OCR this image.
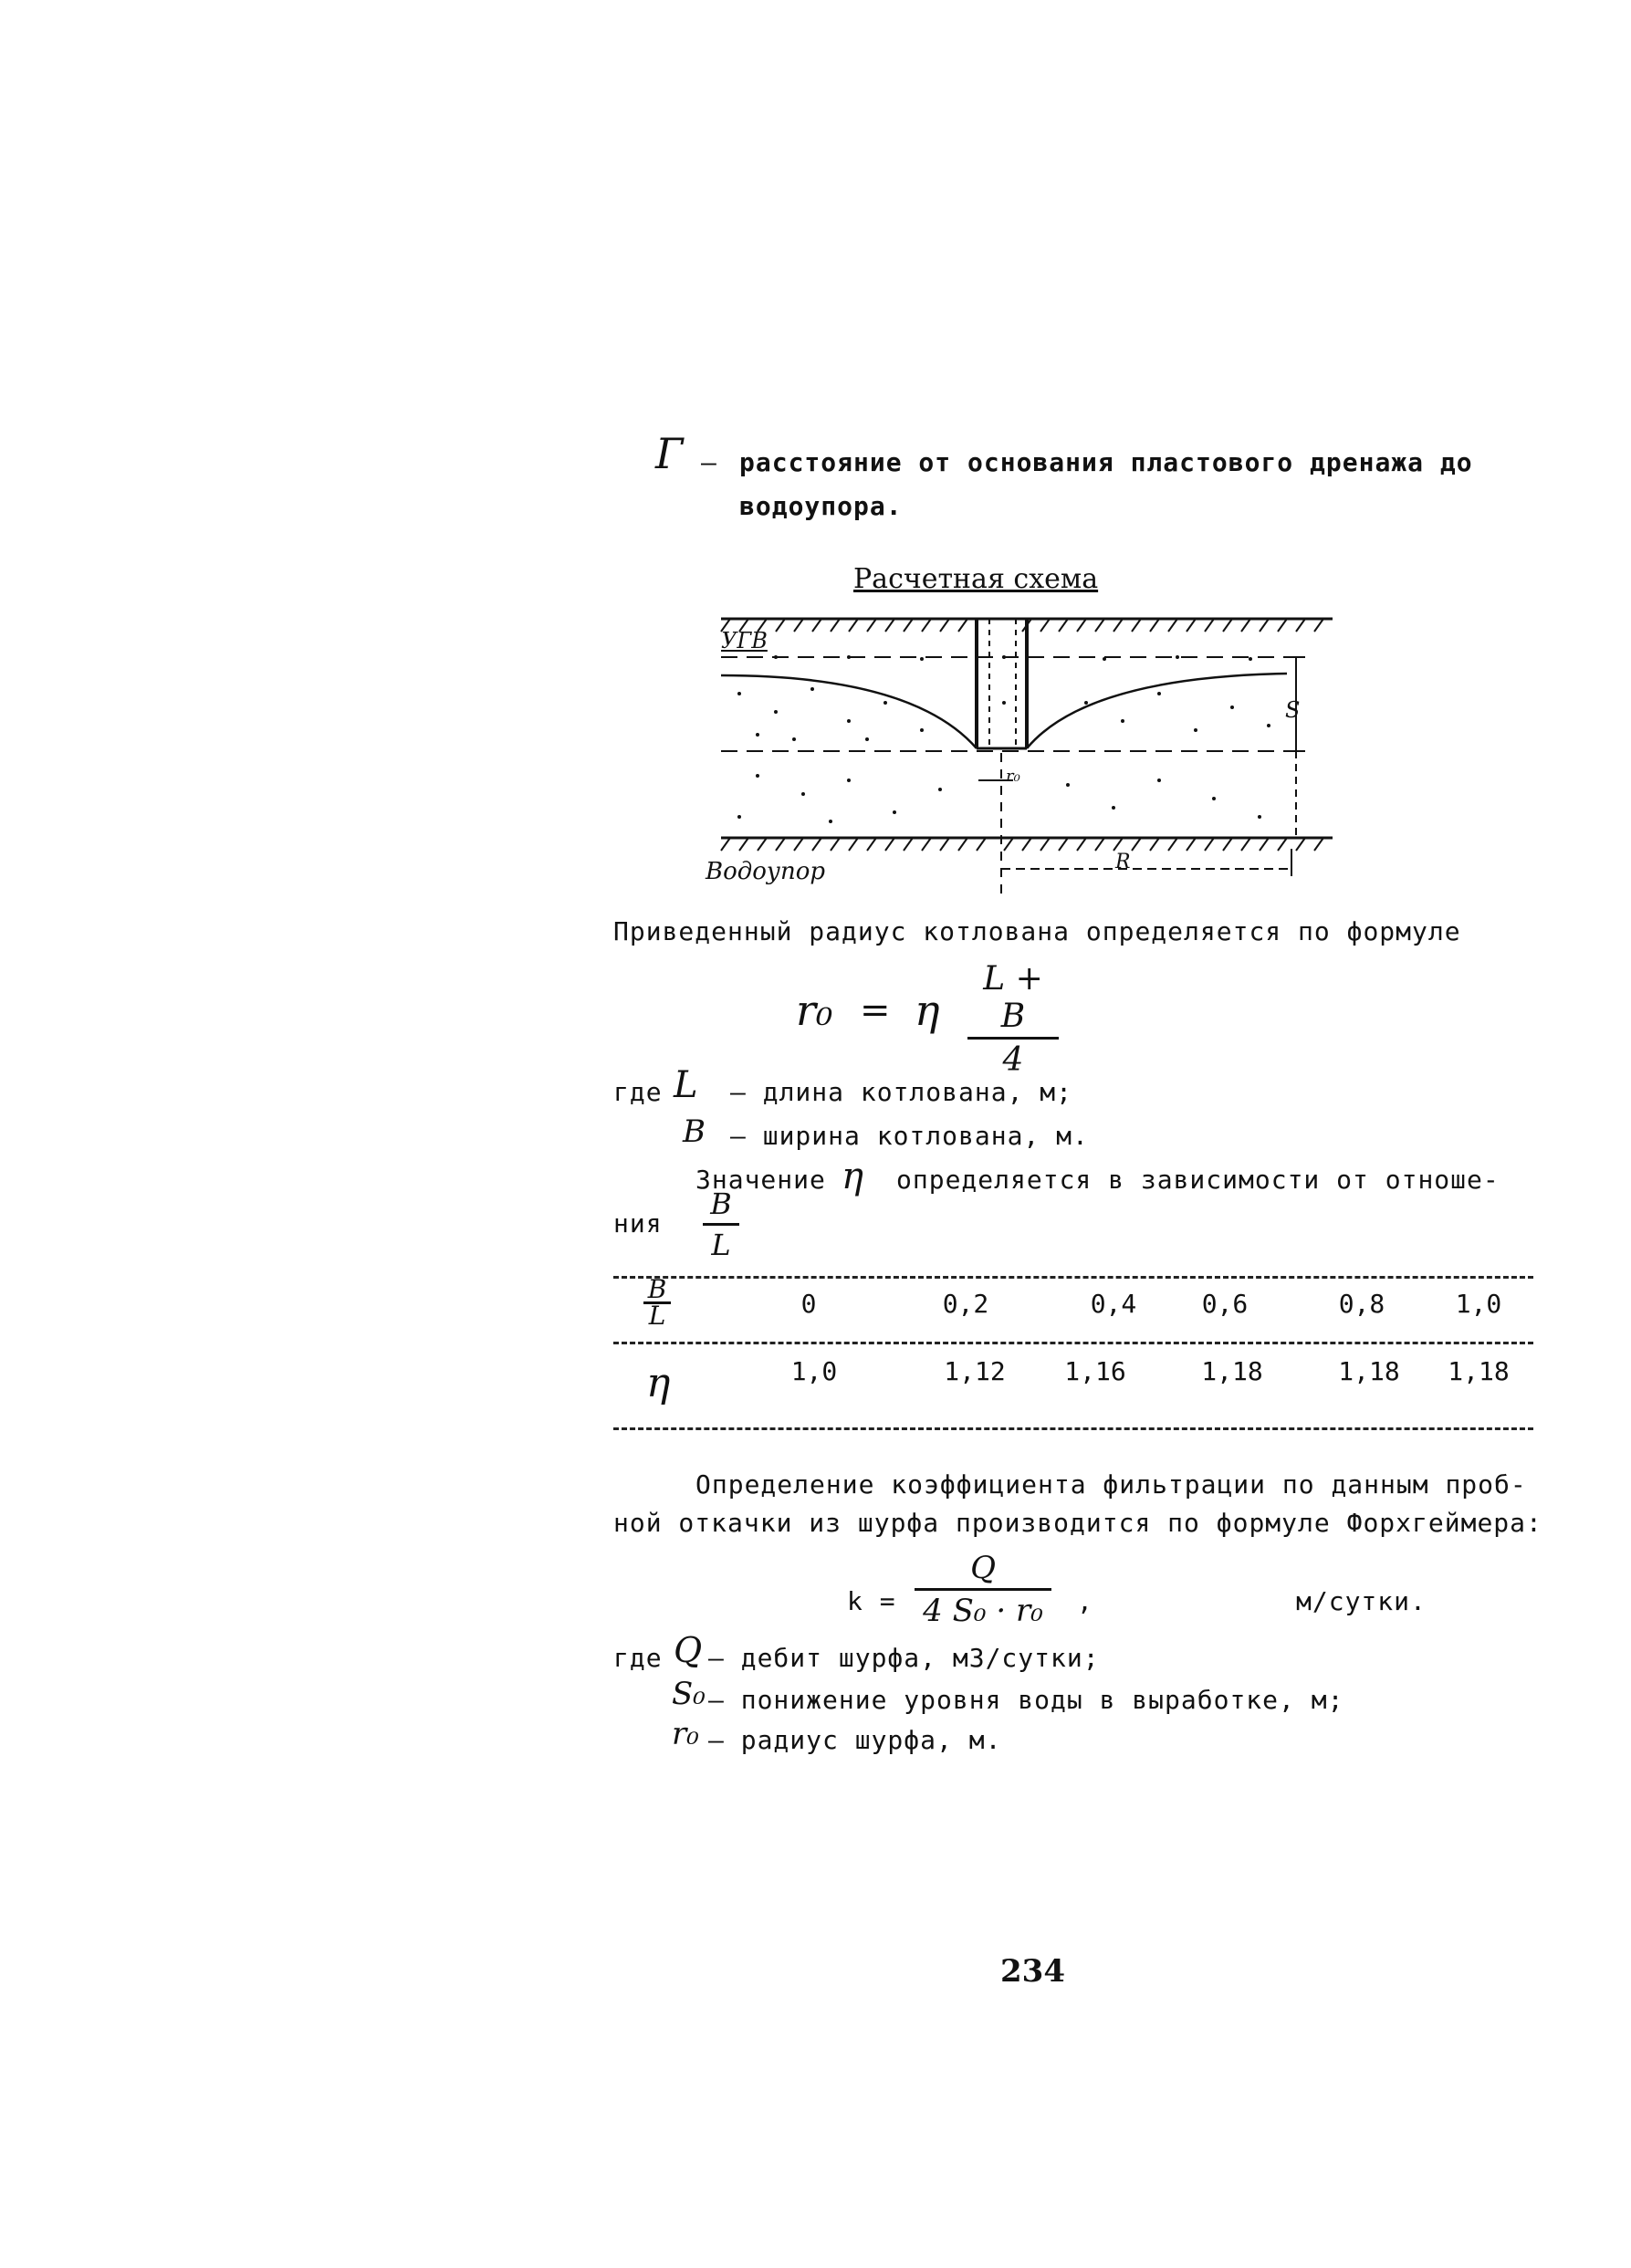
Г – расстояние от основания пластового дренажа до
водоупора.
Расчетная схема
УГВ
S
r₀
R
Водоупор
Приведенный радиус котлована определяется по формуле
r₀ = η
L + B
4
где L – длина котлована, м;
B – ширина котлована, м.
Значение η определяется в зависимости от отноше-
ния
B
L
B
L	0	0,2	0,4	0,6	0,8	1,0
η	1,0	1,12	1,16	1,18	1,18	1,18
Определение коэффициента фильтрации по данным проб-
ной откачки из шурфа производится по формуле Форхгеймера:
k =
Q
4 S₀ · r₀	,	м/сутки.
где Q – дебит шурфа, м3/сутки;
S₀ – понижение уровня воды в выработке, м;
r₀ – радиус шурфа, м.
234
